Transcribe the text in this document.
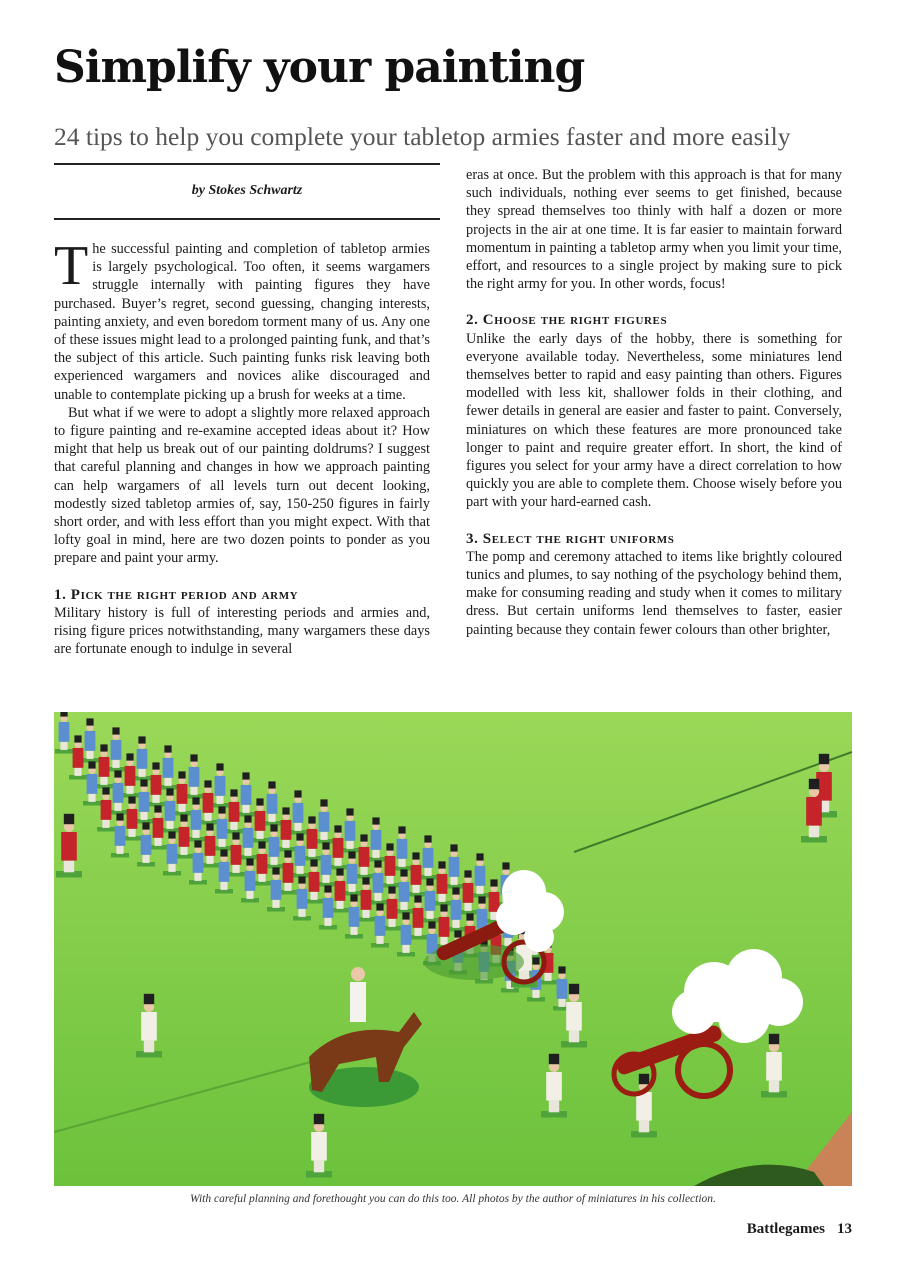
Simplify your painting
24 tips to help you complete your tabletop armies faster and more easily
by Stokes Schwartz

T he successful painting and completion of tabletop armies is largely psychological. Too often, it seems wargamers struggle internally with painting figures they have purchased. Buyer’s regret, second guessing, changing interests, painting anxiety, and even boredom torment many of us. Any one of these issues might lead to a prolonged painting funk, and that’s the subject of this article. Such painting funks risk leaving both experienced wargamers and novices alike discouraged and unable to contemplate picking up a brush for weeks at a time.

But what if we were to adopt a slightly more relaxed approach to figure painting and re-examine accepted ideas about it? How might that help us break out of our painting doldrums? I suggest that careful planning and changes in how we approach painting can help wargamers of all levels turn out decent looking, modestly sized tabletop armies of, say, 150-250 figures in fairly short order, and with less effort than you might expect. With that lofty goal in mind, here are two dozen points to ponder as you prepare and paint your army.

1. Pick the right period and army

Military history is full of interesting periods and armies and, rising figure prices notwithstanding, many wargamers these days are fortunate enough to indulge in several

eras at once. But the problem with this approach is that for many such individuals, nothing ever seems to get finished, because they spread themselves too thinly with half a dozen or more projects in the air at one time. It is far easier to maintain forward momentum in painting a tabletop army when you limit your time, effort, and resources to a single project by making sure to pick the right army for you. In other words, focus!

2. Choose the right figures

Unlike the early days of the hobby, there is something for everyone available today. Nevertheless, some miniatures lend themselves better to rapid and easy painting than others. Figures modelled with less kit, shallower folds in their clothing, and fewer details in general are easier and faster to paint. Conversely, miniatures on which these features are more pronounced take longer to paint and require greater effort. In short, the kind of figures you select for your army have a direct correlation to how quickly you are able to complete them. Choose wisely before you part with your hard-earned cash.

3. Select the right uniforms

The pomp and ceremony attached to items like brightly coloured tunics and plumes, to say nothing of the psychology behind them, make for consuming reading and study when it comes to military dress. But certain uniforms lend themselves to faster, easier painting because they contain fewer colours than other brighter,

With careful planning and forethought you can do this too. All photos by the author of miniatures in his collection.
Battlegames 13
